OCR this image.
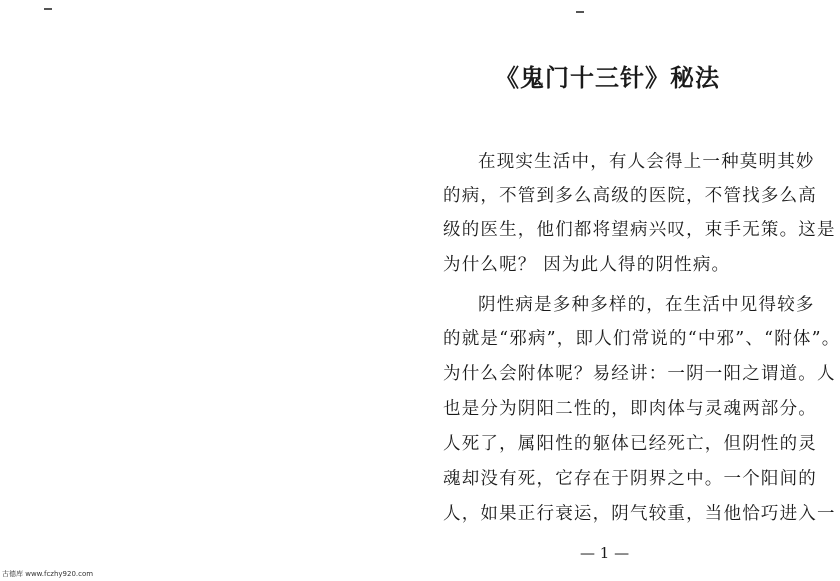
《鬼门十三针》秘法

在现实生活中，有人会得上一种莫明其妙

的病，不管到多么高级的医院，不管找多么高

级的医生，他们都将望病兴叹，束手无策。这是

为什么呢？ 因为此人得的阴性病。

阴性病是多种多样的，在生活中见得较多

的就是“邪病”，即人们常说的“中邪”、“附体”。

为什么会附体呢？易经讲：一阴一阳之谓道。人

也是分为阴阳二性的，即肉体与灵魂两部分。

人死了，属阳性的躯体已经死亡，但阴性的灵

魂却没有死，它存在于阴界之中。一个阳间的

人，如果正行衰运，阴气较重，当他恰巧进入一

— 1 —
古德库 www.fczhy920.com
